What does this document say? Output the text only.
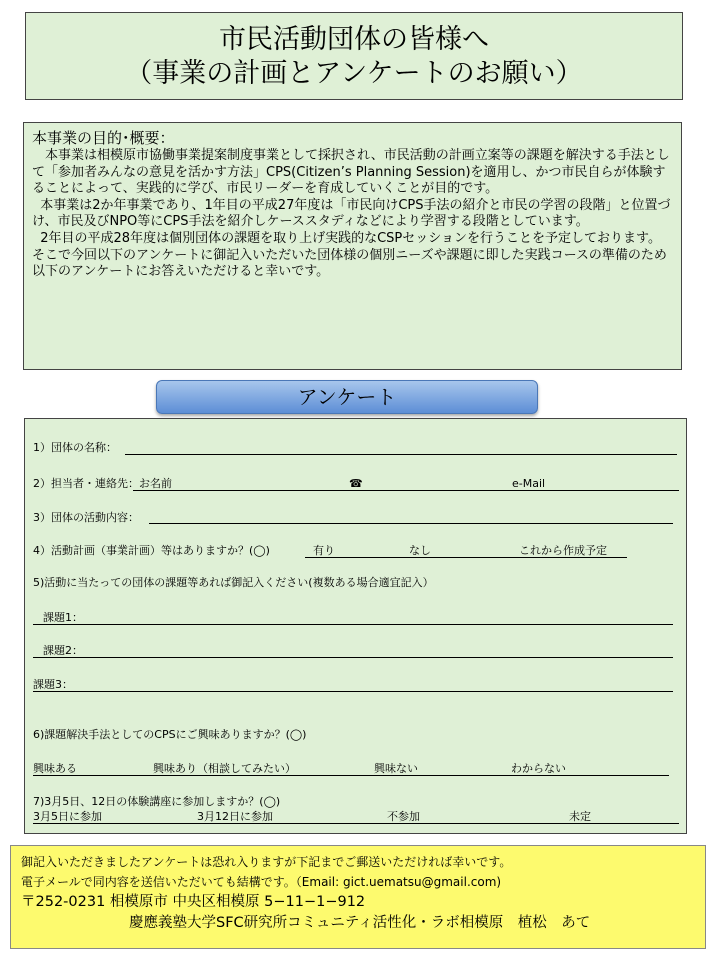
市民活動団体の皆様へ
（事業の計画とアンケートのお願い）
本事業の目的･概要：

　本事業は相模原市協働事業提案制度事業として採択され、市民活動の計画立案等の課題を解決する手法として「参加者みんなの意見を活かす方法」CPS(Citizen’s Planning Session)を適用し、かつ市民自らが体験することによって、実践的に学び、市民リーダーを育成していくことが目的です。

本事業は2か年事業であり、1年目の平成27年度は「市民向けCPS手法の紹介と市民の学習の段階」と位置づけ、市民及びNPO等にCPS手法を紹介しケーススタディなどにより学習する段階としています。

2年目の平成28年度は個別団体の課題を取り上げ実践的なCSPセッションを行うことを予定しております。

そこで今回以下のアンケートに御記入いただいた団体様の個別ニーズや課題に即した実践コースの準備のため以下のアンケートにお答えいただけると幸いです。

アンケート
1）団体の名称：
2）担当者・連絡先：お名前	☎	e-Mail
3）団体の活動内容：
4）活動計画（事業計画）等はありますか？(◯)	有り	なし	これから作成予定
5)活動に当たっての団体の課題等あれば御記入ください(複数ある場合適宜記入）
課題1：
課題2：
課題3：
6)課題解決手法としてのCPSにご興味ありますか？(◯)
興味ある	興味あり（相談してみたい）	興味ない	わからない
7)3月5日、12日の体験講座に参加しますか？(◯)
3月5日に参加	3月12日に参加	不参加	未定
御記入いただきましたアンケートは恐れ入りますが下記までご郵送いただければ幸いです。
電子メールで同内容を送信いただいても結構です。（Email: gict.uematsu@gmail.com)
〒252-0231 相模原市 中央区相模原 5−11−1−912
慶應義塾大学SFC研究所コミュニティ活性化・ラボ相模原　植松　あて
